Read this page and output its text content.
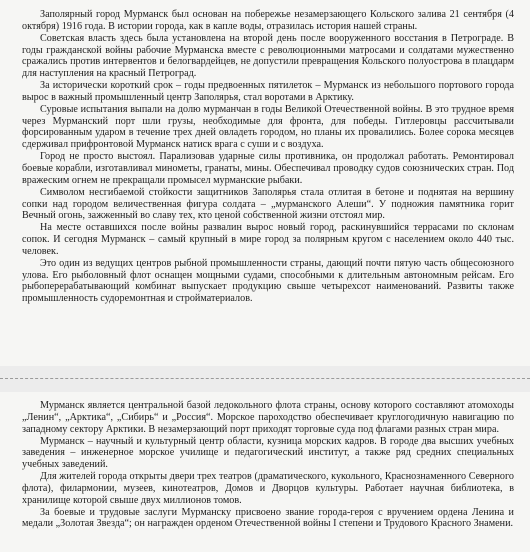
Заполярный город Мурманск был основан на побережье незамерзающего Кольского залива 21 сентября (4 октября) 1916 года. В истории города, как в капле воды, отразилась история нашей страны.

Советская власть здесь была установлена на второй день после вооруженного восстания в Петрограде. В годы гражданской войны рабочие Мурманска вместе с революционными матросами и солдатами мужественно сражались против интервентов и белогвардейцев, не допустили превращения Кольского полуострова в плацдарм для наступления на красный Петроград.

За исторически короткий срок – годы предвоенных пятилеток – Мурманск из небольшого портового города вырос в важный промышленный центр Заполярья, стал воротами в Арктику.

Суровые испытания выпали на долю мурманчан в годы Великой Отечественной войны. В это трудное время через Мурманский порт шли грузы, необходимые для фронта, для победы. Гитлеровцы рассчитывали форсированным ударом в течение трех дней овладеть городом, но планы их провалились. Более сорока месяцев сдерживал прифронтовой Мурманск натиск врага с суши и с воздуха.

Город не просто выстоял. Парализовав ударные силы противника, он продолжал работать. Ремонтировал боевые корабли, изготавливал минометы, гранаты, мины. Обеспечивал проводку судов союзнических стран. Под вражеским огнем не прекращали промысел мурманские рыбаки.

Символом несгибаемой стойкости защитников Заполярья стала отлитая в бетоне и поднятая на вершину сопки над городом величественная фигура солдата – „мурманского Алеши“. У подножия памятника горит Вечный огонь, зажженный во славу тех, кто ценой собственной жизни отстоял мир.

На месте оставшихся после войны развалин вырос новый город, раскинувшийся террасами по склонам сопок. И сегодня Мурманск – самый крупный в мире город за полярным кругом с населением около 440 тыс. человек.

Это один из ведущих центров рыбной промышленности страны, дающий почти пятую часть общесоюзного улова. Его рыболовный флот оснащен мощными судами, способными к длительным автономным рейсам. Его рыбоперерабатывающий комбинат выпускает продукцию свыше четырехсот наименований. Развиты также промышленность судоремонтная и стройматериалов.

Мурманск является центральной базой ледокольного флота страны, основу которого составляют атомоходы „Ленин“, „Арктика“, „Сибирь“ и „Россия“. Морское пароходство обеспечивает круглогодичную навигацию по западному сектору Арктики. В незамерзающий порт приходят торговые суда под флагами разных стран мира.

Мурманск – научный и культурный центр области, кузница морских кадров. В городе два высших учебных заведения – инженерное морское училище и педагогический институт, а также ряд средних специальных учебных заведений.

Для жителей города открыты двери трех театров (драматического, кукольного, Краснознаменного Северного флота), филармонии, музеев, кинотеатров, Домов и Дворцов культуры. Работает научная библиотека, в хранилище которой свыше двух миллионов томов.

За боевые и трудовые заслуги Мурманску присвоено звание города-героя с вручением ордена Ленина и медали „Золотая Звезда“; он награжден орденом Отечественной войны I степени и Трудового Красного Знамени.
